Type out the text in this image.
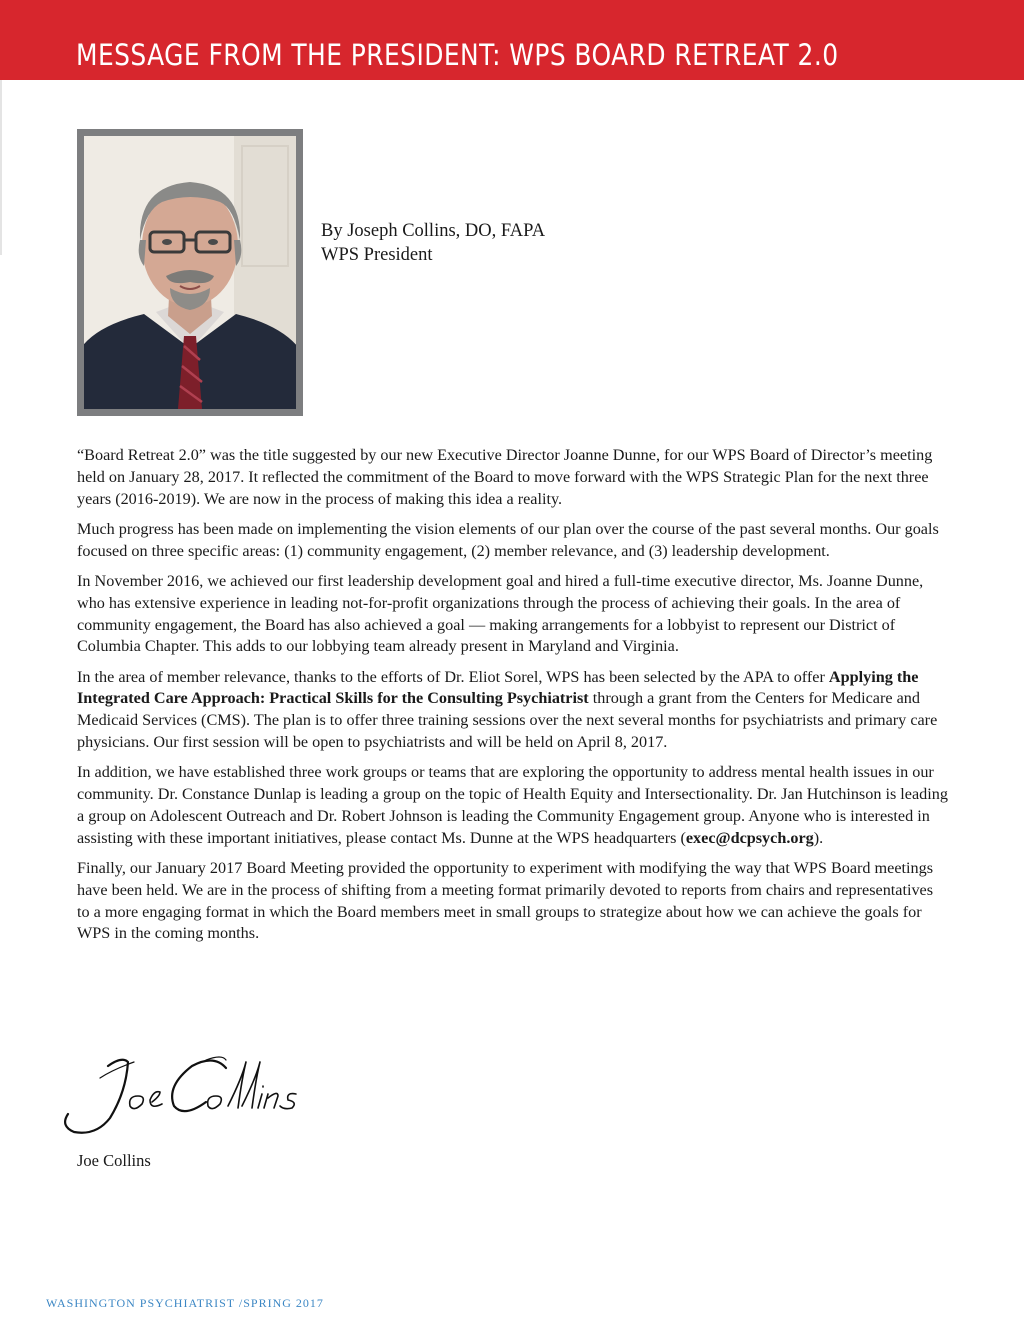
MESSAGE FROM THE PRESIDENT: WPS BOARD RETREAT 2.0
By Joseph Collins, DO, FAPA
WPS President

“Board Retreat 2.0” was the title suggested by our new Executive Director Joanne Dunne, for our WPS Board of Director’s meeting held on January 28, 2017. It reflected the commitment of the Board to move forward with the WPS Strategic Plan for the next three years (2016-2019). We are now in the process of making this idea a reality.

Much progress has been made on implementing the vision elements of our plan over the course of the past several months. Our goals focused on three specific areas: (1) community engagement, (2) member relevance, and (3) leadership development.

In November 2016, we achieved our first leadership development goal and hired a full-time executive director, Ms. Joanne Dunne, who has extensive experience in leading not-for-profit organizations through the process of achieving their goals. In the area of community engagement, the Board has also achieved a goal — making arrangements for a lobbyist to represent our District of Columbia Chapter. This adds to our lobbying team already present in Maryland and Virginia.

In the area of member relevance, thanks to the efforts of Dr. Eliot Sorel, WPS has been selected by the APA to offer Applying the Integrated Care Approach: Practical Skills for the Consulting Psychiatrist through a grant from the Centers for Medicare and Medicaid Services (CMS). The plan is to offer three training sessions over the next several months for psychiatrists and primary care physicians. Our first session will be open to psychiatrists and will be held on April 8, 2017.

In addition, we have established three work groups or teams that are exploring the opportunity to address mental health issues in our community. Dr. Constance Dunlap is leading a group on the topic of Health Equity and Intersectionality. Dr. Jan Hutchinson is leading a group on Adolescent Outreach and Dr. Robert Johnson is leading the Community Engagement group. Anyone who is interested in assisting with these important initiatives, please contact Ms. Dunne at the WPS headquarters (exec@dcpsych.org).

Finally, our January 2017 Board Meeting provided the opportunity to experiment with modifying the way that WPS Board meetings have been held. We are in the process of shifting from a meeting format primarily devoted to reports from chairs and representatives to a more engaging format in which the Board members meet in small groups to strategize about how we can achieve the goals for WPS in the coming months.

Joe Collins
WASHINGTON PSYCHIATRIST /SPRING 2017
